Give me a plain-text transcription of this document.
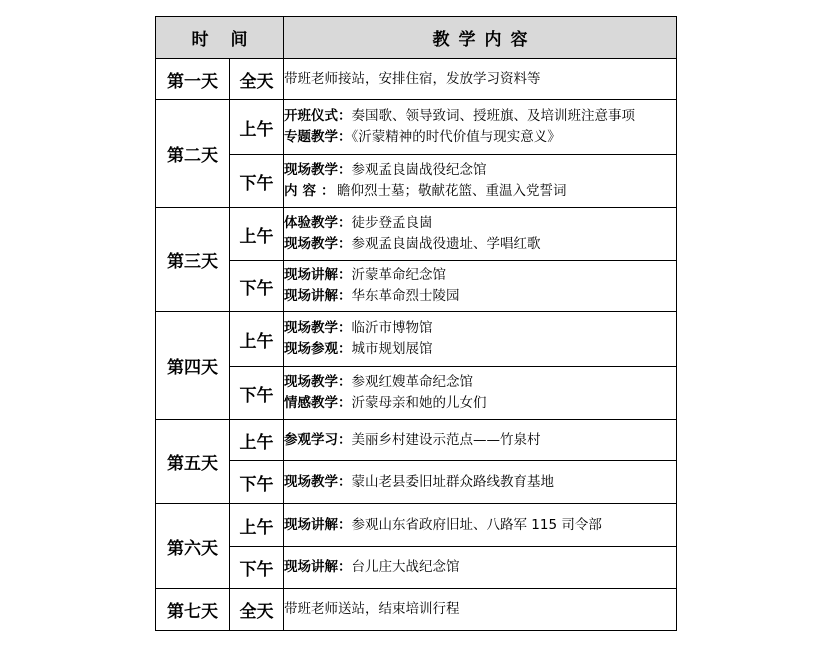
时间		教学内容
第一天	全天	带班老师接站，安排住宿，发放学习资料等

第二天	上午	开班仪式：奏国歌、领导致词、授班旗、及培训班注意事项
专题教学：《沂蒙精神的时代价值与现实意义》

	下午	现场教学：参观孟良崮战役纪念馆
内容：瞻仰烈士墓；敬献花篮、重温入党誓词

第三天	上午	体验教学：徒步登孟良崮
现场教学：参观孟良崮战役遗址、学唱红歌

	下午	现场讲解：沂蒙革命纪念馆
现场讲解：华东革命烈士陵园

第四天	上午	现场教学：临沂市博物馆
现场参观：城市规划展馆

	下午	现场教学：参观红嫂革命纪念馆
情感教学：沂蒙母亲和她的儿女们

第五天	上午	参观学习：美丽乡村建设示范点——竹泉村

	下午	现场教学：蒙山老县委旧址群众路线教育基地

第六天	上午	现场讲解：参观山东省政府旧址、八路军 115 司令部

	下午	现场讲解：台儿庄大战纪念馆

第七天	全天	带班老师送站，结束培训行程
